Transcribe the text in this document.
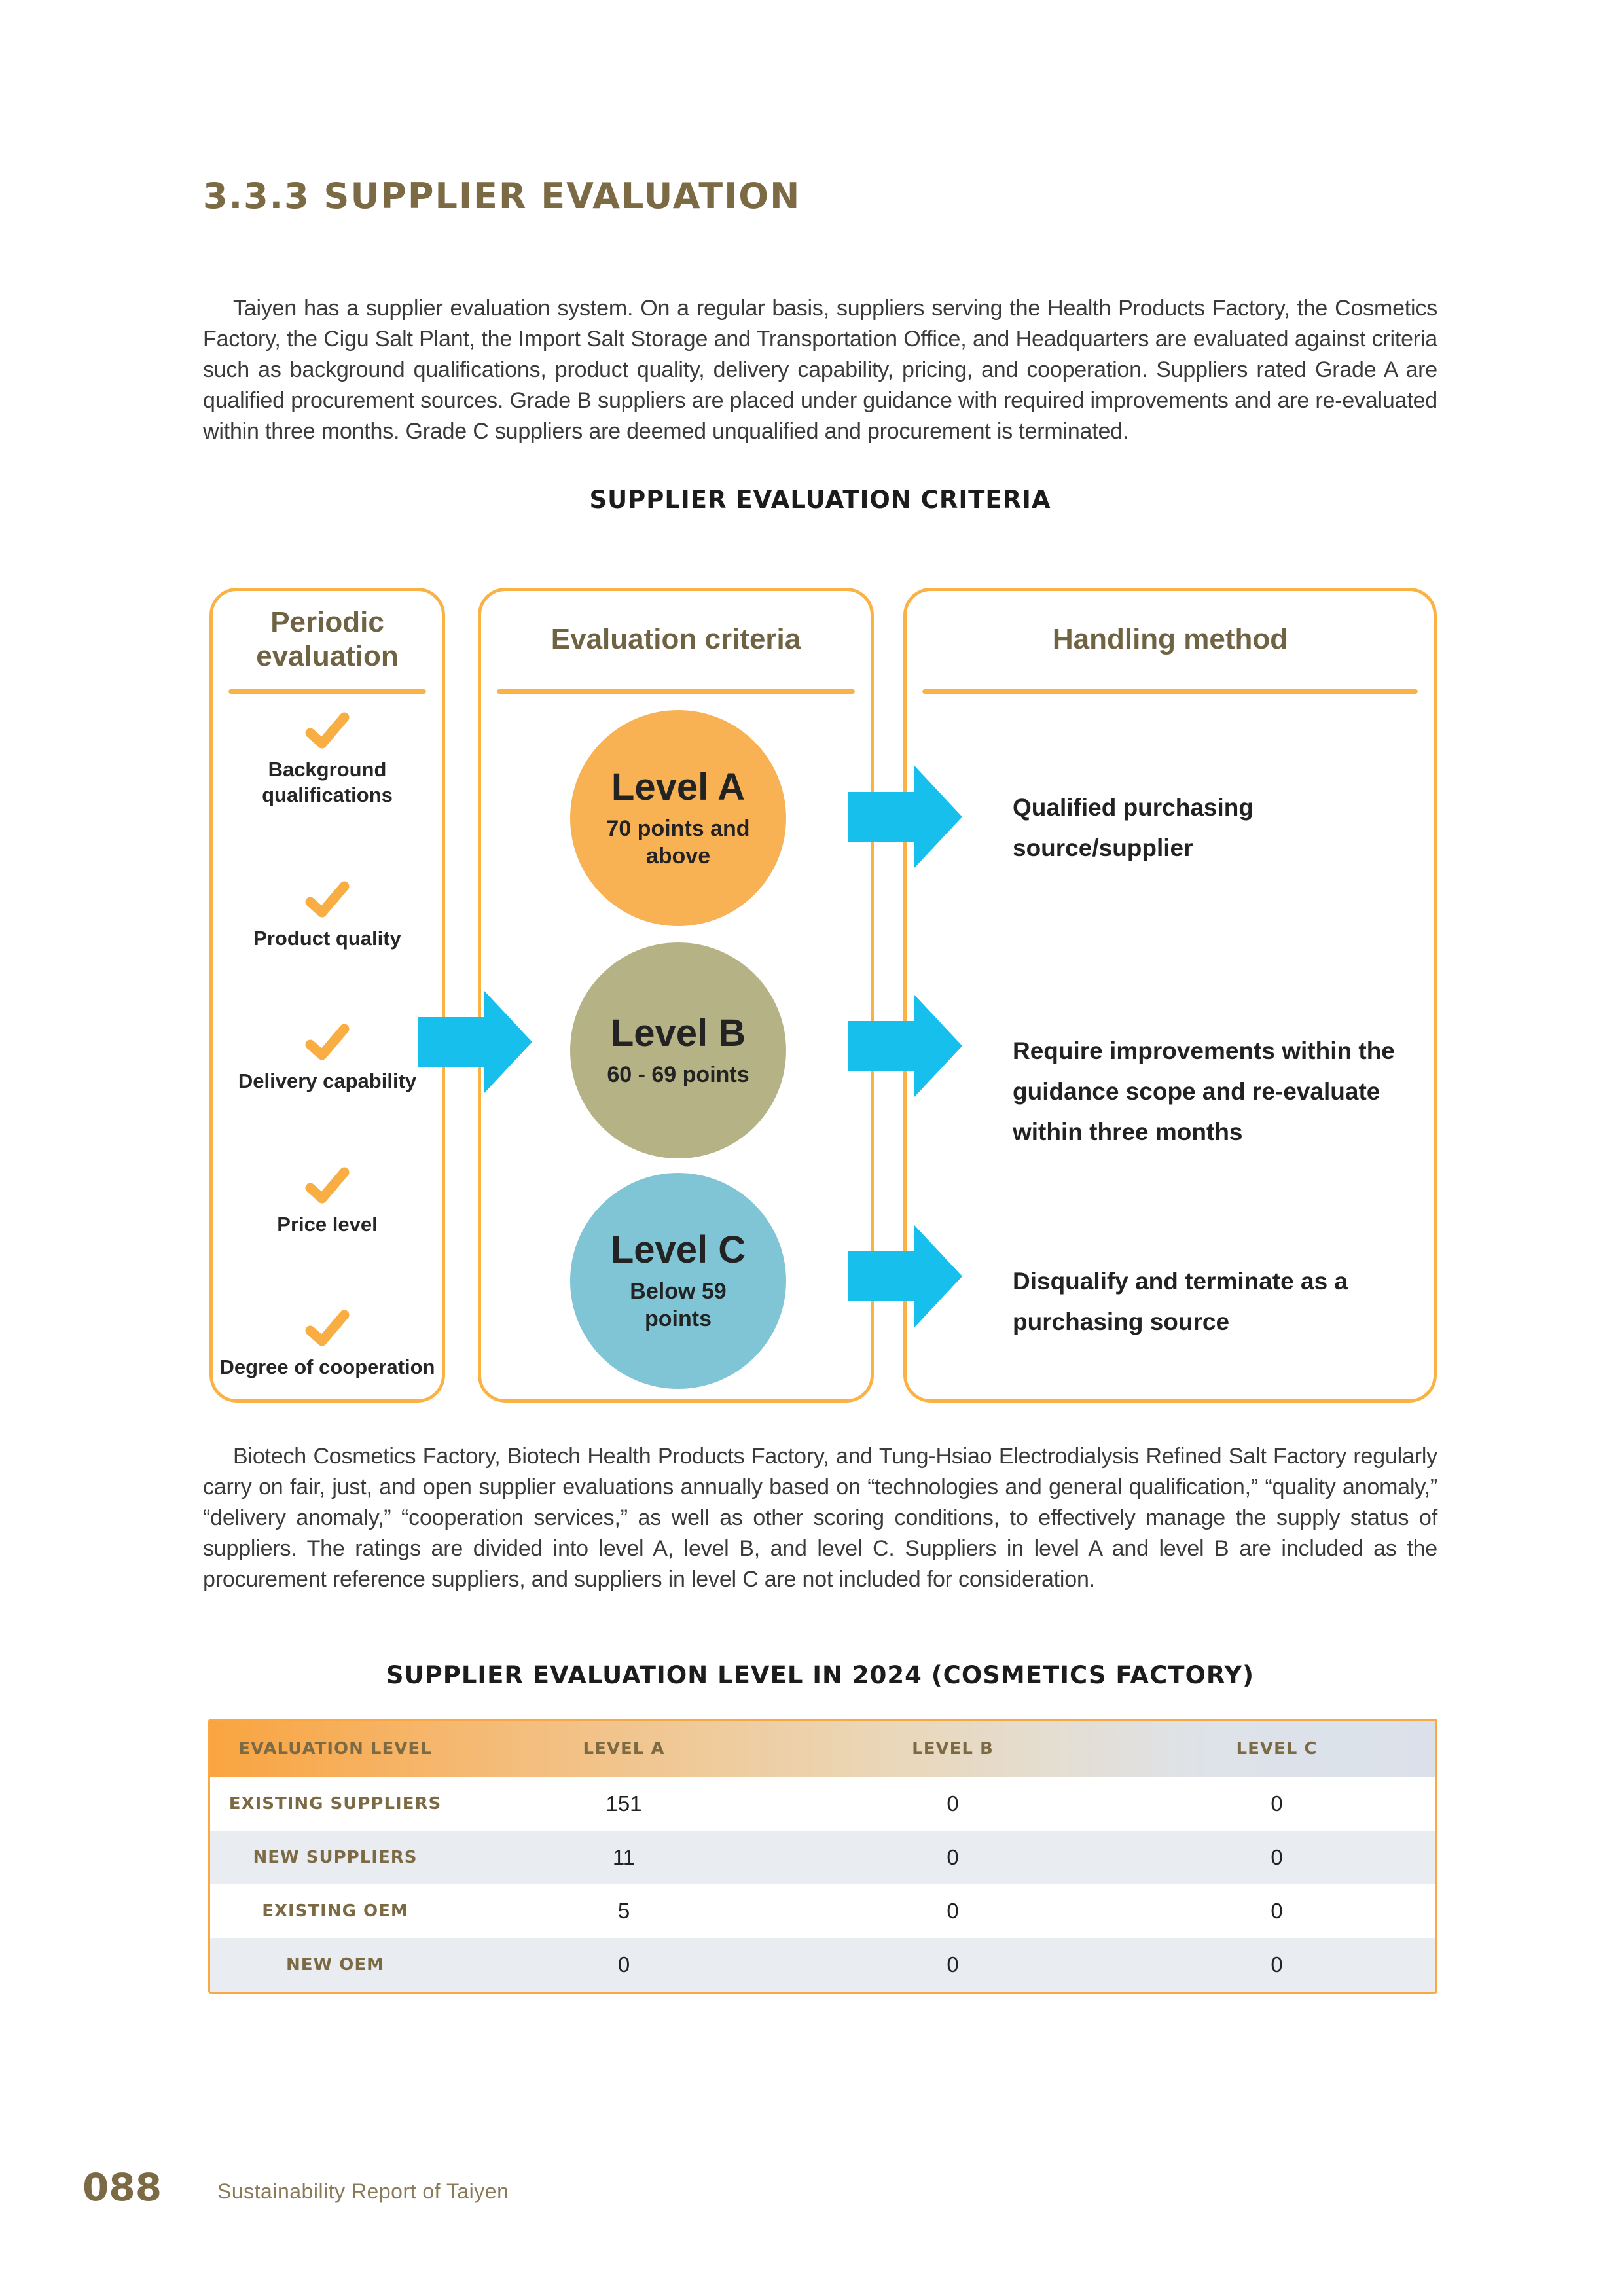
3.3.3 SUPPLIER EVALUATION

Taiyen has a supplier evaluation system. On a regular basis, suppliers serving the Health Products Factory, the Cosmetics Factory, the Cigu Salt Plant, the Import Salt Storage and Transportation Office, and Headquarters are evaluated against criteria such as background qualifications, product quality, delivery capability, pricing, and cooperation. Suppliers rated Grade A are qualified procurement sources. Grade B suppliers are placed under guidance with required improvements and are re-evaluated within three months. Grade C suppliers are deemed unqualified and procurement is terminated.

SUPPLIER EVALUATION CRITERIA
Periodic evaluation
Background qualifications
Product quality
Delivery capability
Price level
Degree of cooperation
Evaluation criteria
Level A
70 points and above
Level B
60 - 69 points
Level C
Below 59 points
Handling method
Qualified purchasing source/supplier
Require improvements within the guidance scope and re-evaluate within three months
Disqualify and terminate as a purchasing source

Biotech Cosmetics Factory, Biotech Health Products Factory, and Tung-Hsiao Electrodialysis Refined Salt Factory regularly carry on fair, just, and open supplier evaluations annually based on “technologies and general qualification,” “quality anomaly,” “delivery anomaly,” “cooperation services,” as well as other scoring conditions, to effectively manage the supply status of suppliers. The ratings are divided into level A, level B, and level C. Suppliers in level A and level B are included as the procurement reference suppliers, and suppliers in level C are not included for consideration.

SUPPLIER EVALUATION LEVEL IN 2024 (COSMETICS FACTORY)
EVALUATION LEVEL	LEVEL A	LEVEL B	LEVEL C
EXISTING SUPPLIERS	151	0	0
NEW SUPPLIERS	11	0	0
EXISTING OEM	5	0	0
NEW OEM	0	0	0
088	Sustainability Report of Taiyen
